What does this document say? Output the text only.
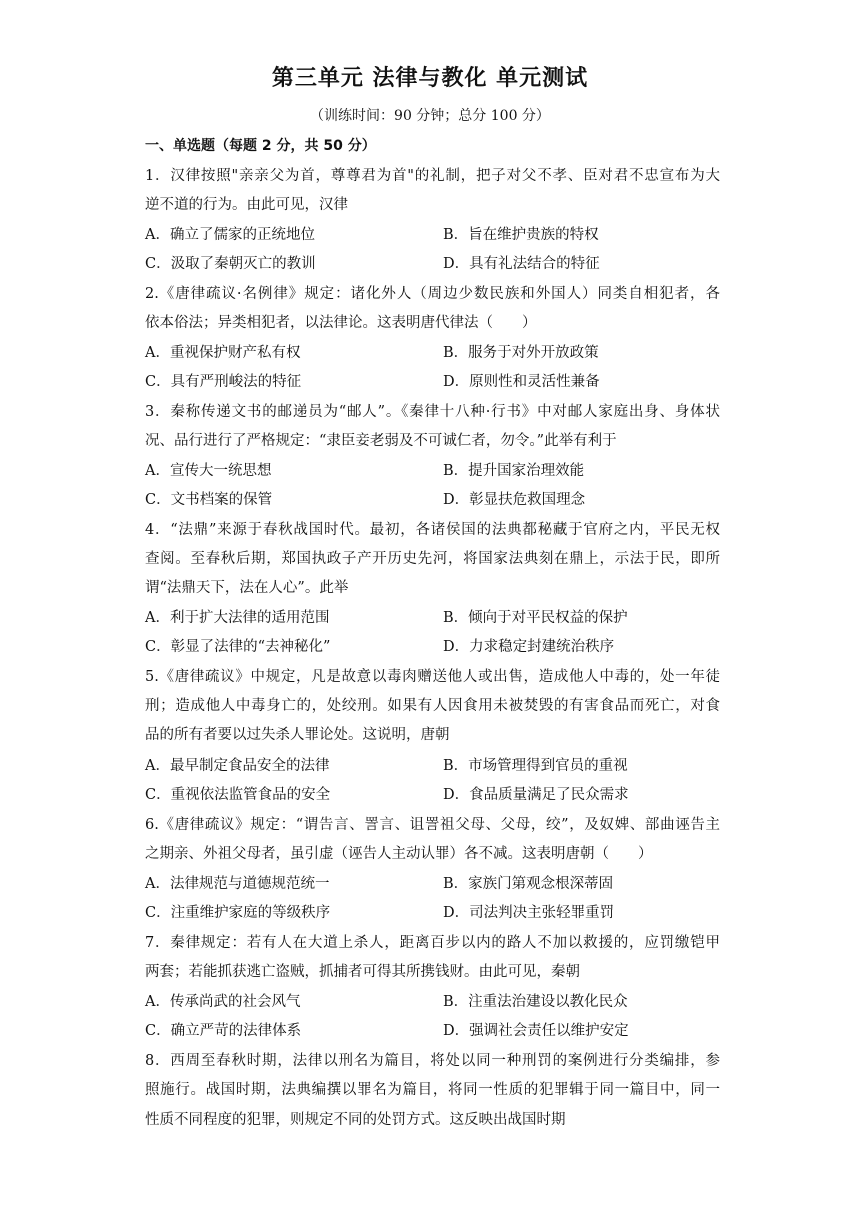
第三单元 法律与教化 单元测试
（训练时间：90 分钟；总分 100 分）
一、单选题（每题 2 分，共 50 分）
1．汉律按照"亲亲父为首，尊尊君为首"的礼制，把子对父不孝、臣对君不忠宣布为大
逆不道的行为。由此可见，汉律
A．确立了儒家的正统地位	B．旨在维护贵族的特权
C．汲取了秦朝灭亡的教训	D．具有礼法结合的特征
2.《唐律疏议·名例律》规定：诸化外人（周边少数民族和外国人）同类自相犯者，各
依本俗法；异类相犯者，以法律论。这表明唐代律法（　　）
A．重视保护财产私有权	B．服务于对外开放政策
C．具有严刑峻法的特征	D．原则性和灵活性兼备
3．秦称传递文书的邮递员为“邮人”。《秦律十八种·行书》中对邮人家庭出身、身体状
况、品行进行了严格规定：“隶臣妾老弱及不可诚仁者，勿令。”此举有利于
A．宣传大一统思想	B．提升国家治理效能
C．文书档案的保管	D．彰显扶危救国理念
4．“法鼎”来源于春秋战国时代。最初，各诸侯国的法典都秘藏于官府之内，平民无权
查阅。至春秋后期，郑国执政子产开历史先河，将国家法典刻在鼎上，示法于民，即所
谓“法鼎天下，法在人心”。此举
A．利于扩大法律的适用范围	B．倾向于对平民权益的保护
C．彰显了法律的“去神秘化”	D．力求稳定封建统治秩序
5.《唐律疏议》中规定，凡是故意以毒肉赠送他人或出售，造成他人中毒的，处一年徒
刑；造成他人中毒身亡的，处绞刑。如果有人因食用未被焚毁的有害食品而死亡，对食
品的所有者要以过失杀人罪论处。这说明，唐朝
A．最早制定食品安全的法律	B．市场管理得到官员的重视
C．重视依法监管食品的安全	D．食品质量满足了民众需求
6.《唐律疏议》规定：“谓告言、詈言、诅詈祖父母、父母，绞”，及奴婢、部曲诬告主
之期亲、外祖父母者，虽引虚（诬告人主动认罪）各不减。这表明唐朝（　　）
A．法律规范与道德规范统一	B．家族门第观念根深蒂固
C．注重维护家庭的等级秩序	D．司法判决主张轻罪重罚
7．秦律规定：若有人在大道上杀人，距离百步以内的路人不加以救援的，应罚缴铠甲
两套；若能抓获逃亡盗贼，抓捕者可得其所携钱财。由此可见，秦朝
A．传承尚武的社会风气	B．注重法治建设以教化民众
C．确立严苛的法律体系	D．强调社会责任以维护安定
8．西周至春秋时期，法律以刑名为篇目，将处以同一种刑罚的案例进行分类编排，参
照施行。战国时期，法典编撰以罪名为篇目，将同一性质的犯罪辑于同一篇目中，同一
性质不同程度的犯罪，则规定不同的处罚方式。这反映出战国时期
